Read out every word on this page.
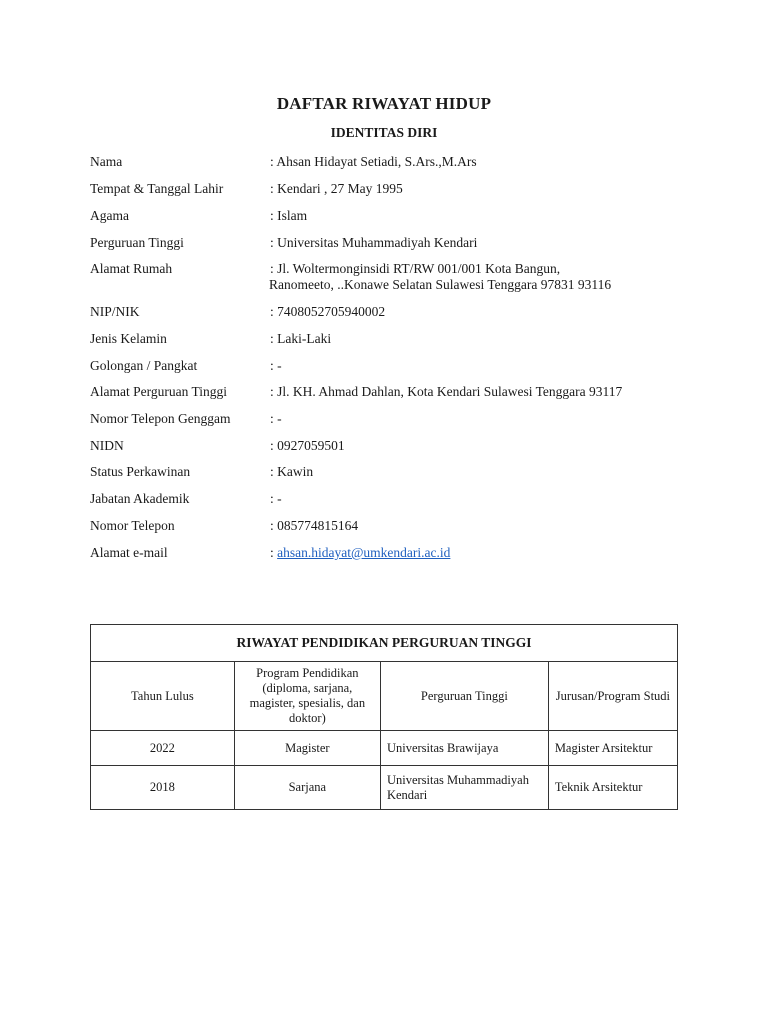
DAFTAR RIWAYAT HIDUP
IDENTITAS DIRI
Nama	: Ahsan Hidayat Setiadi, S.Ars.,M.Ars
Tempat & Tanggal Lahir	: Kendari , 27 May 1995
Agama	: Islam
Perguruan Tinggi	: Universitas Muhammadiyah Kendari
Alamat Rumah	: Jl. Woltermonginsidi RT/RW 001/001 Kota Bangun,
Ranomeeto, ..Konawe Selatan Sulawesi Tenggara 97831 93116
NIP/NIK	: 7408052705940002
Jenis Kelamin	: Laki-Laki
Golongan / Pangkat	: -
Alamat Perguruan Tinggi	: Jl. KH. Ahmad Dahlan, Kota Kendari Sulawesi Tenggara 93117
Nomor Telepon Genggam	: -
NIDN	: 0927059501
Status Perkawinan	: Kawin
Jabatan Akademik	: -
Nomor Telepon	: 085774815164
Alamat e-mail	: ahsan.hidayat@umkendari.ac.id
RIWAYAT PENDIDIKAN PERGURUAN TINGGI			
Tahun Lulus	Program Pendidikan (diploma, sarjana, magister, spesialis, dan doktor)	Perguruan Tinggi	Jurusan/Program Studi
2022	Magister	Universitas Brawijaya	Magister Arsitektur
2018	Sarjana	Universitas Muhammadiyah Kendari	Teknik Arsitektur
